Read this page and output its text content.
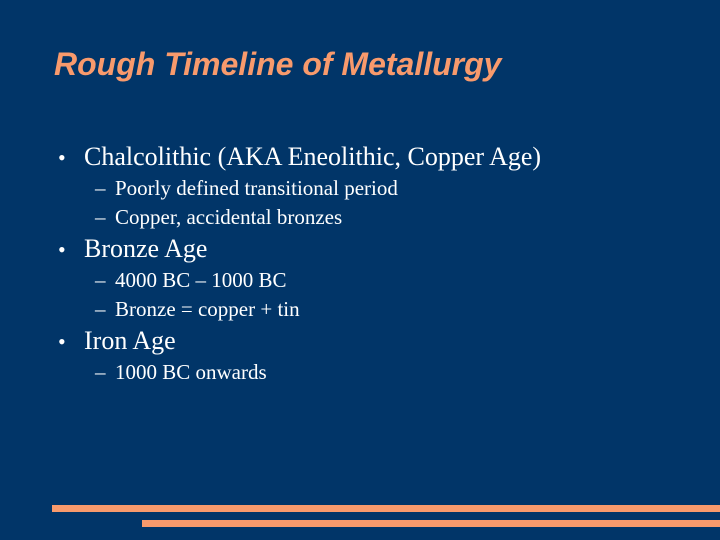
Rough Timeline of Metallurgy
• Chalcolithic (AKA Eneolithic, Copper Age)
– Poorly defined transitional period
– Copper, accidental bronzes
• Bronze Age
– 4000 BC – 1000 BC
– Bronze = copper + tin
• Iron Age
– 1000 BC onwards
